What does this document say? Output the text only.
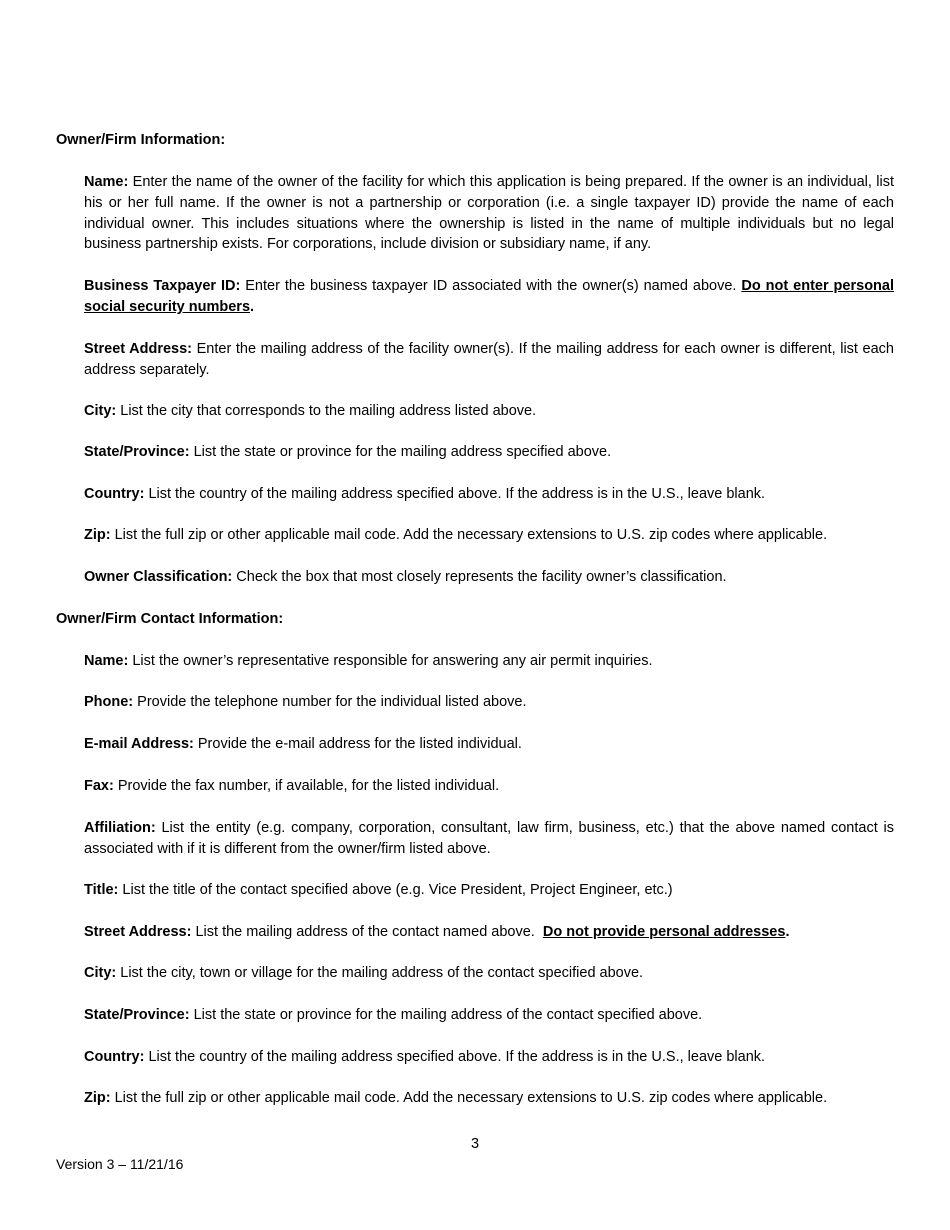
Owner/Firm Information:

Name: Enter the name of the owner of the facility for which this application is being prepared. If the owner is an individual, list his or her full name. If the owner is not a partnership or corporation (i.e. a single taxpayer ID) provide the name of each individual owner. This includes situations where the ownership is listed in the name of multiple individuals but no legal business partnership exists. For corporations, include division or subsidiary name, if any.

Business Taxpayer ID: Enter the business taxpayer ID associated with the owner(s) named above. Do not enter personal social security numbers.

Street Address: Enter the mailing address of the facility owner(s). If the mailing address for each owner is different, list each address separately.

City: List the city that corresponds to the mailing address listed above.

State/Province: List the state or province for the mailing address specified above.

Country: List the country of the mailing address specified above. If the address is in the U.S., leave blank.

Zip: List the full zip or other applicable mail code. Add the necessary extensions to U.S. zip codes where applicable.

Owner Classification: Check the box that most closely represents the facility owner’s classification.

Owner/Firm Contact Information:

Name: List the owner’s representative responsible for answering any air permit inquiries.

Phone: Provide the telephone number for the individual listed above.

E-mail Address: Provide the e-mail address for the listed individual.

Fax: Provide the fax number, if available, for the listed individual.

Affiliation: List the entity (e.g. company, corporation, consultant, law firm, business, etc.) that the above named contact is associated with if it is different from the owner/firm listed above.

Title: List the title of the contact specified above (e.g. Vice President, Project Engineer, etc.)

Street Address: List the mailing address of the contact named above.  Do not provide personal addresses.

City: List the city, town or village for the mailing address of the contact specified above.

State/Province: List the state or province for the mailing address of the contact specified above.

Country: List the country of the mailing address specified above. If the address is in the U.S., leave blank.

Zip: List the full zip or other applicable mail code. Add the necessary extensions to U.S. zip codes where applicable.

3

Version 3 – 11/21/16
